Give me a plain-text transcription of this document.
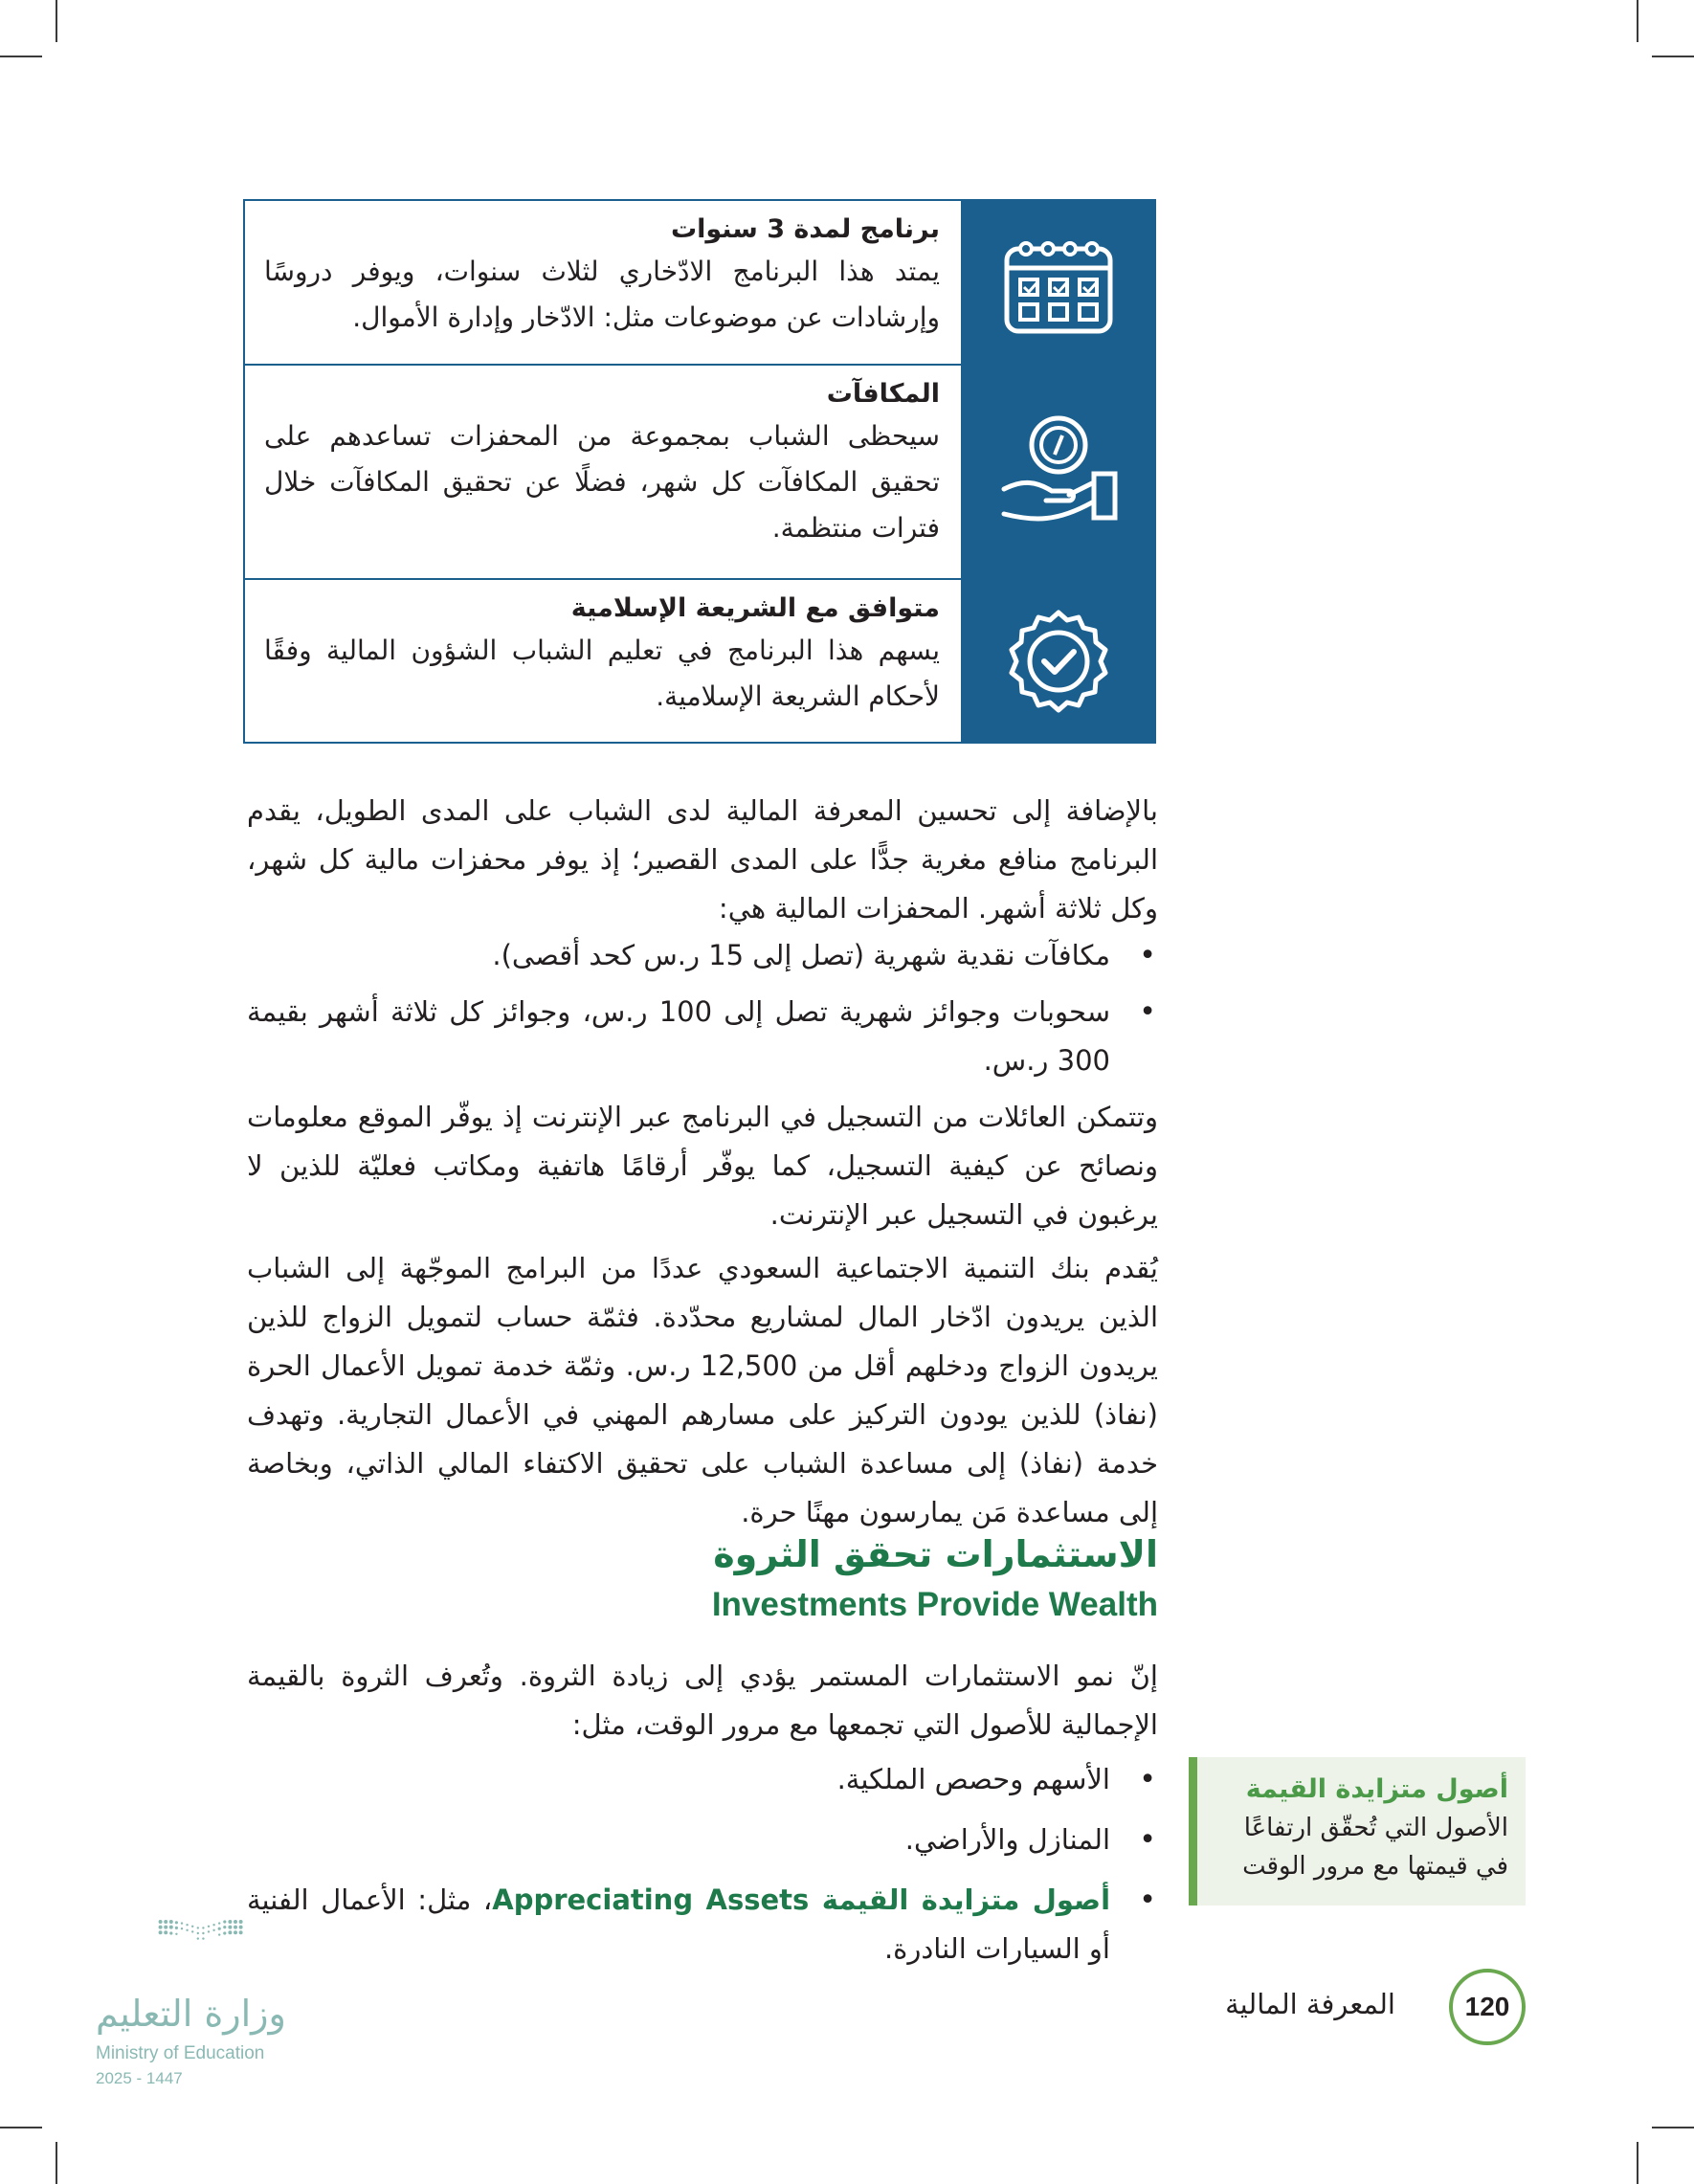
برنامج لمدة 3 سنوات
يمتد هذا البرنامج الادّخاري لثلاث سنوات، ويوفر دروسًا وإرشادات عن موضوعات مثل: الادّخار وإدارة الأموال.
المكافآت
سيحظى الشباب بمجموعة من المحفزات تساعدهم على تحقيق المكافآت كل شهر، فضلًا عن تحقيق المكافآت خلال فترات منتظمة.
متوافق مع الشريعة الإسلامية
يسهم هذا البرنامج في تعليم الشباب الشؤون المالية وفقًا لأحكام الشريعة الإسلامية.

بالإضافة إلى تحسين المعرفة المالية لدى الشباب على المدى الطويل، يقدم البرنامج منافع مغرية جدًّا على المدى القصير؛ إذ يوفر محفزات مالية كل شهر، وكل ثلاثة أشهر. المحفزات المالية هي:

• مكافآت نقدية شهرية (تصل إلى 15 ر.س كحد أقصى).
• سحوبات وجوائز شهرية تصل إلى 100 ر.س، وجوائز كل ثلاثة أشهر بقيمة 300 ر.س.

وتتمكن العائلات من التسجيل في البرنامج عبر الإنترنت إذ يوفّر الموقع معلومات ونصائح عن كيفية التسجيل، كما يوفّر أرقامًا هاتفية ومكاتب فعليّة للذين لا يرغبون في التسجيل عبر الإنترنت.

يُقدم بنك التنمية الاجتماعية السعودي عددًا من البرامج الموجّهة إلى الشباب الذين يريدون ادّخار المال لمشاريع محدّدة. فثمّة حساب لتمويل الزواج للذين يريدون الزواج ودخلهم أقل من 12,500 ر.س. وثمّة خدمة تمويل الأعمال الحرة (نفاذ) للذين يودون التركيز على مسارهم المهني في الأعمال التجارية. وتهدف خدمة (نفاذ) إلى مساعدة الشباب على تحقيق الاكتفاء المالي الذاتي، وبخاصة إلى مساعدة مَن يمارسون مهنًا حرة.

الاستثمارات تحقق الثروة
Investments Provide Wealth

إنّ نمو الاستثمارات المستمر يؤدي إلى زيادة الثروة. وتُعرف الثروة بالقيمة الإجمالية للأصول التي تجمعها مع مرور الوقت، مثل:

• الأسهم وحصص الملكية.
• المنازل والأراضي.
• أصول متزايدة القيمة Appreciating Assets، مثل: الأعمال الفنية أو السيارات النادرة.
أصول متزايدة القيمة
الأصول التي تُحقّق ارتفاعًا في قيمتها مع مرور الوقت
وزارة التعليم
Ministry of Education
2025 - 1447
120
المعرفة المالية
